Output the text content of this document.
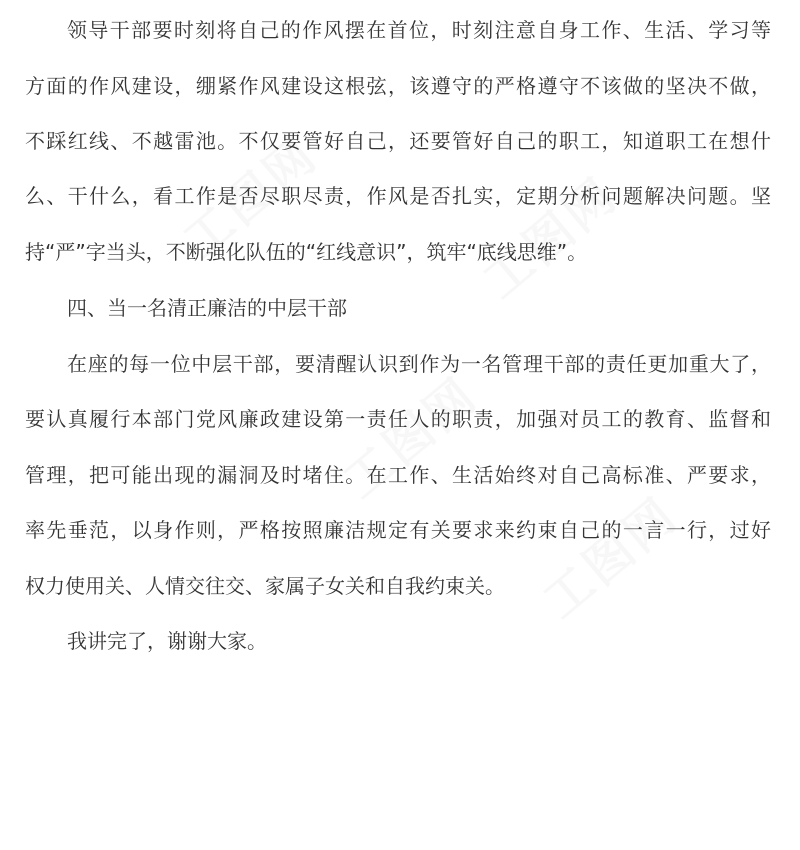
工图网	工图网
工图网
工图网
领导干部要时刻将自己的作风摆在首位，时刻注意自身工作、生活、学习等
方面的作风建设，绷紧作风建设这根弦，该遵守的严格遵守不该做的坚决不做，
不踩红线、不越雷池。不仅要管好自己，还要管好自己的职工，知道职工在想什
么、干什么，看工作是否尽职尽责，作风是否扎实，定期分析问题解决问题。坚
持“严”字当头，不断强化队伍的“红线意识”，筑牢“底线思维”。
四、当一名清正廉洁的中层干部
在座的每一位中层干部，要清醒认识到作为一名管理干部的责任更加重大了，
要认真履行本部门党风廉政建设第一责任人的职责，加强对员工的教育、监督和
管理，把可能出现的漏洞及时堵住。在工作、生活始终对自己高标准、严要求，
率先垂范，以身作则，严格按照廉洁规定有关要求来约束自己的一言一行，过好
权力使用关、人情交往交、家属子女关和自我约束关。
我讲完了，谢谢大家。
